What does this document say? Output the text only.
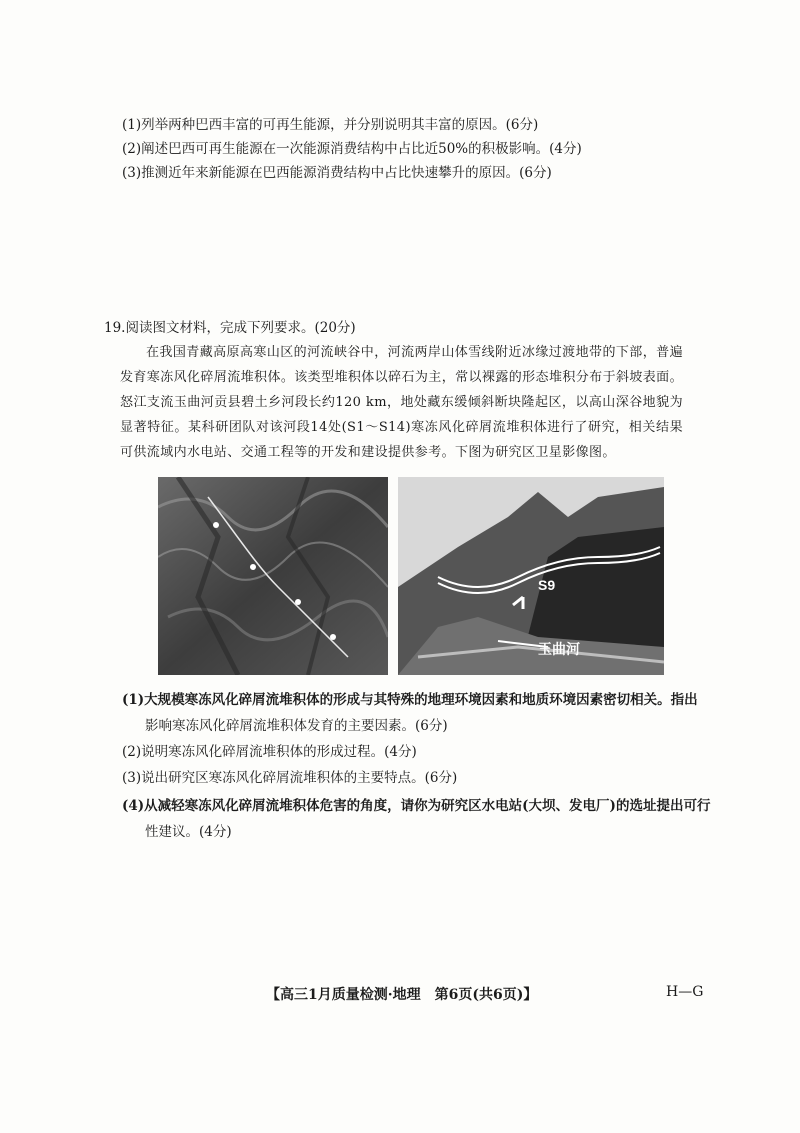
(1)列举两种巴西丰富的可再生能源，并分别说明其丰富的原因。(6分)
(2)阐述巴西可再生能源在一次能源消费结构中占比近50%的积极影响。(4分)
(3)推测近年来新能源在巴西能源消费结构中占比快速攀升的原因。(6分)
19.阅读图文材料，完成下列要求。(20分)
在我国青藏高原高寒山区的河流峡谷中，河流两岸山体雪线附近冰缘过渡地带的下部，普遍发育寒冻风化碎屑流堆积体。该类型堆积体以碎石为主，常以裸露的形态堆积分布于斜坡表面。怒江支流玉曲河贡县碧土乡河段长约120 km，地处藏东缓倾斜断块隆起区，以高山深谷地貌为显著特征。某科研团队对该河段14处(S1～S14)寒冻风化碎屑流堆积体进行了研究，相关结果可供流域内水电站、交通工程等的开发和建设提供参考。下图为研究区卫星影像图。
S9
玉曲河
(1)大规模寒冻风化碎屑流堆积体的形成与其特殊的地理环境因素和地质环境因素密切相关。指出
影响寒冻风化碎屑流堆积体发育的主要因素。(6分)
(2)说明寒冻风化碎屑流堆积体的形成过程。(4分)
(3)说出研究区寒冻风化碎屑流堆积体的主要特点。(6分)
(4)从减轻寒冻风化碎屑流堆积体危害的角度，请你为研究区水电站(大坝、发电厂)的选址提出可行
性建议。(4分)
【高三1月质量检测·地理　第6页(共6页)】	H—G
